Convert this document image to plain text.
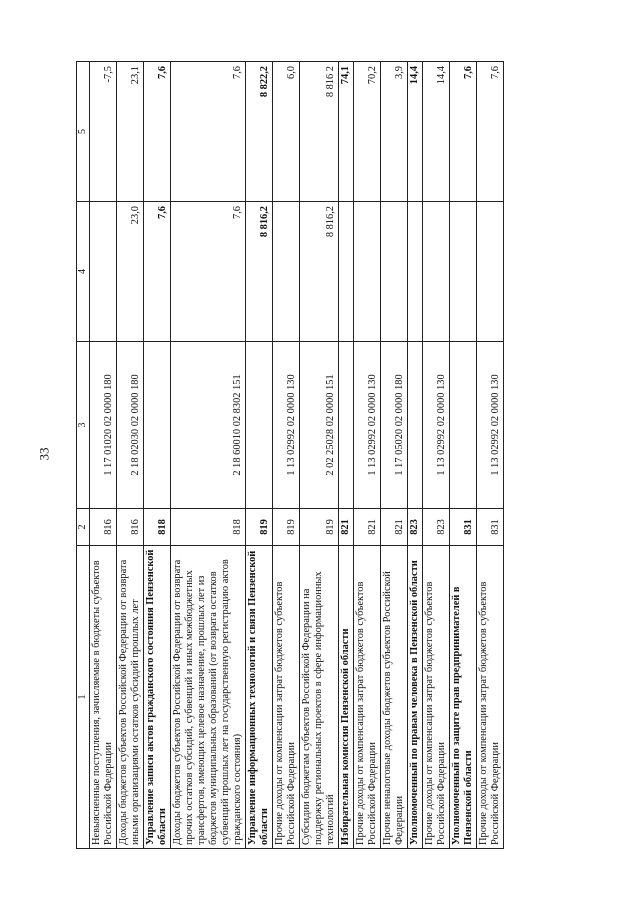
33
1	2	3	4	5
Невыясненные поступления, зачисляемые в бюджеты субъектов Российской Федерации	816	1 17 01020 02 0000 180		-7,5
Доходы бюджетов субъектов Российской Федерации от возврата иными организациями остатков субсидий прошлых лет	816	2 18 02030 02 0000 180	23,0	23,1
Управление записи актов гражданского состояния Пензенской области	818		7,6	7,6
Доходы бюджетов субъектов Российской Федерации от возврата прочих остатков субсидий, субвенций и иных межбюджетных трансфертов, имеющих целевое назначение, прошлых лет из бюджетов муниципальных образований (от возврата остатков субвенций прошлых лет на государственную регистрацию актов гражданского состояния)	818	2 18 60010 02 8302 151	7,6	7,6
Управление информационных технологий и связи Пензенской области	819		8 816,2	8 822,2
Прочие доходы от компенсации затрат бюджетов субъектов Российской Федерации	819	1 13 02992 02 0000 130		6,0
Субсидии бюджетам субъектов Российской Федерации на поддержку региональных проектов в сфере информационных технологий	819	2 02 25028 02 0000 151	8 816,2	8 816 2
Избирательная комиссия Пензенской области	821			74,1
Прочие доходы от компенсации затрат бюджетов субъектов Российской Федерации	821	1 13 02992 02 0000 130		70,2
Прочие неналоговые доходы бюджетов субъектов Российской Федерации	821	1 17 05020 02 0000 180		3,9
Уполномоченный по правам человека в Пензенской области	823			14,4
Прочие доходы от компенсации затрат бюджетов субъектов Российской Федерации	823	1 13 02992 02 0000 130		14,4
Уполномоченный по защите прав предпринимателей в Пензенской области	831			7,6
Прочие доходы от компенсации затрат бюджетов субъектов Российской Федерации	831	1 13 02992 02 0000 130		7,6
